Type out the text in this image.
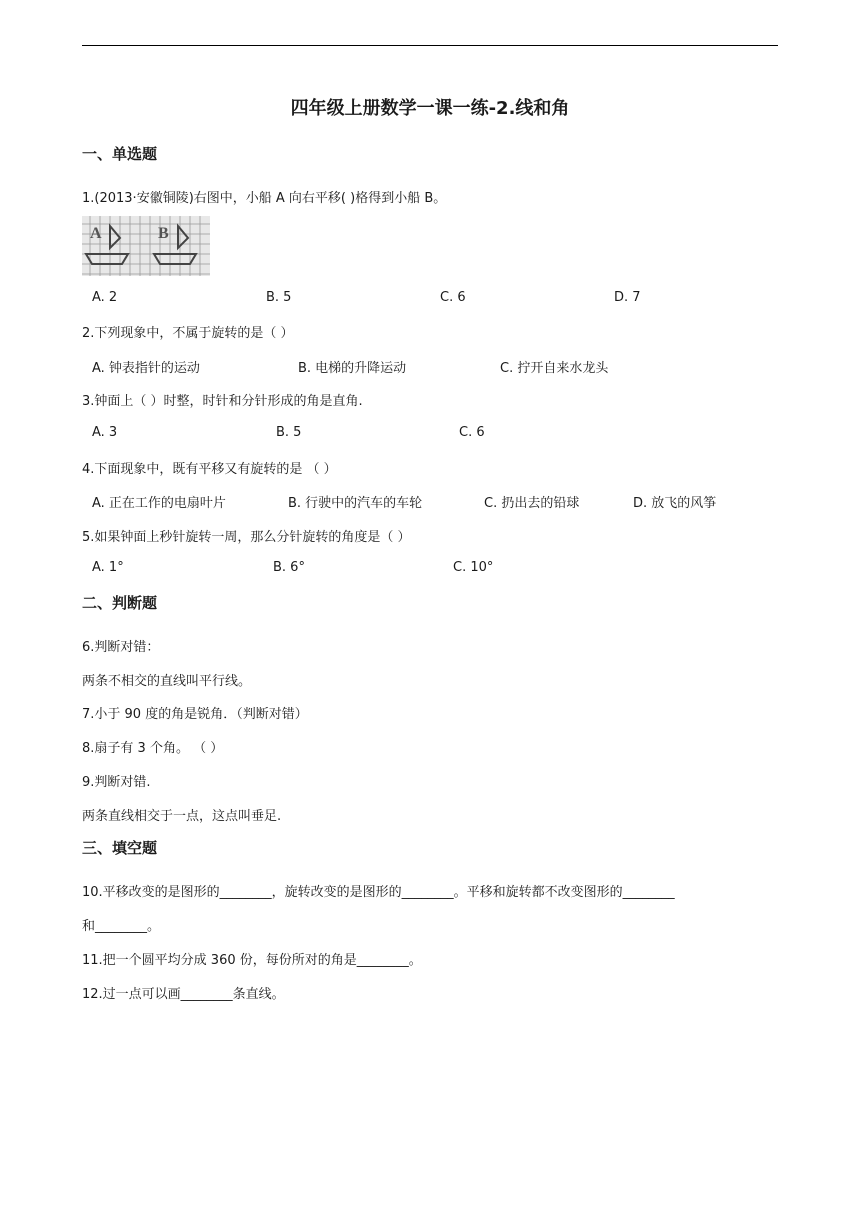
四年级上册数学一课一练-2.线和角
一、单选题
1.(2013·安徽铜陵)右图中，小船 A 向右平移( )格得到小船 B。
A	B
A. 2	B. 5	C. 6	D. 7
2.下列现象中，不属于旋转的是（ ）
A. 钟表指针的运动	B. 电梯的升降运动	C. 拧开自来水龙头
3.钟面上（ ）时整，时针和分针形成的角是直角.
A. 3	B. 5	C. 6
4.下面现象中，既有平移又有旋转的是 （ ）
A. 正在工作的电扇叶片	B. 行驶中的汽车的车轮	C. 扔出去的铅球	D. 放飞的风筝
5.如果钟面上秒针旋转一周，那么分针旋转的角度是（ ）
A. 1°	B. 6°	C. 10°
二、判断题
6.判断对错：
两条不相交的直线叫平行线。
7.小于 90 度的角是锐角．（判断对错）
8.扇子有 3 个角。 （ ）
9.判断对错.
两条直线相交于一点，这点叫垂足.
三、填空题
10.平移改变的是图形的________，旋转改变的是图形的________。平移和旋转都不改变图形的________
和________。
11.把一个圆平均分成 360 份，每份所对的角是________。
12.过一点可以画________条直线。
